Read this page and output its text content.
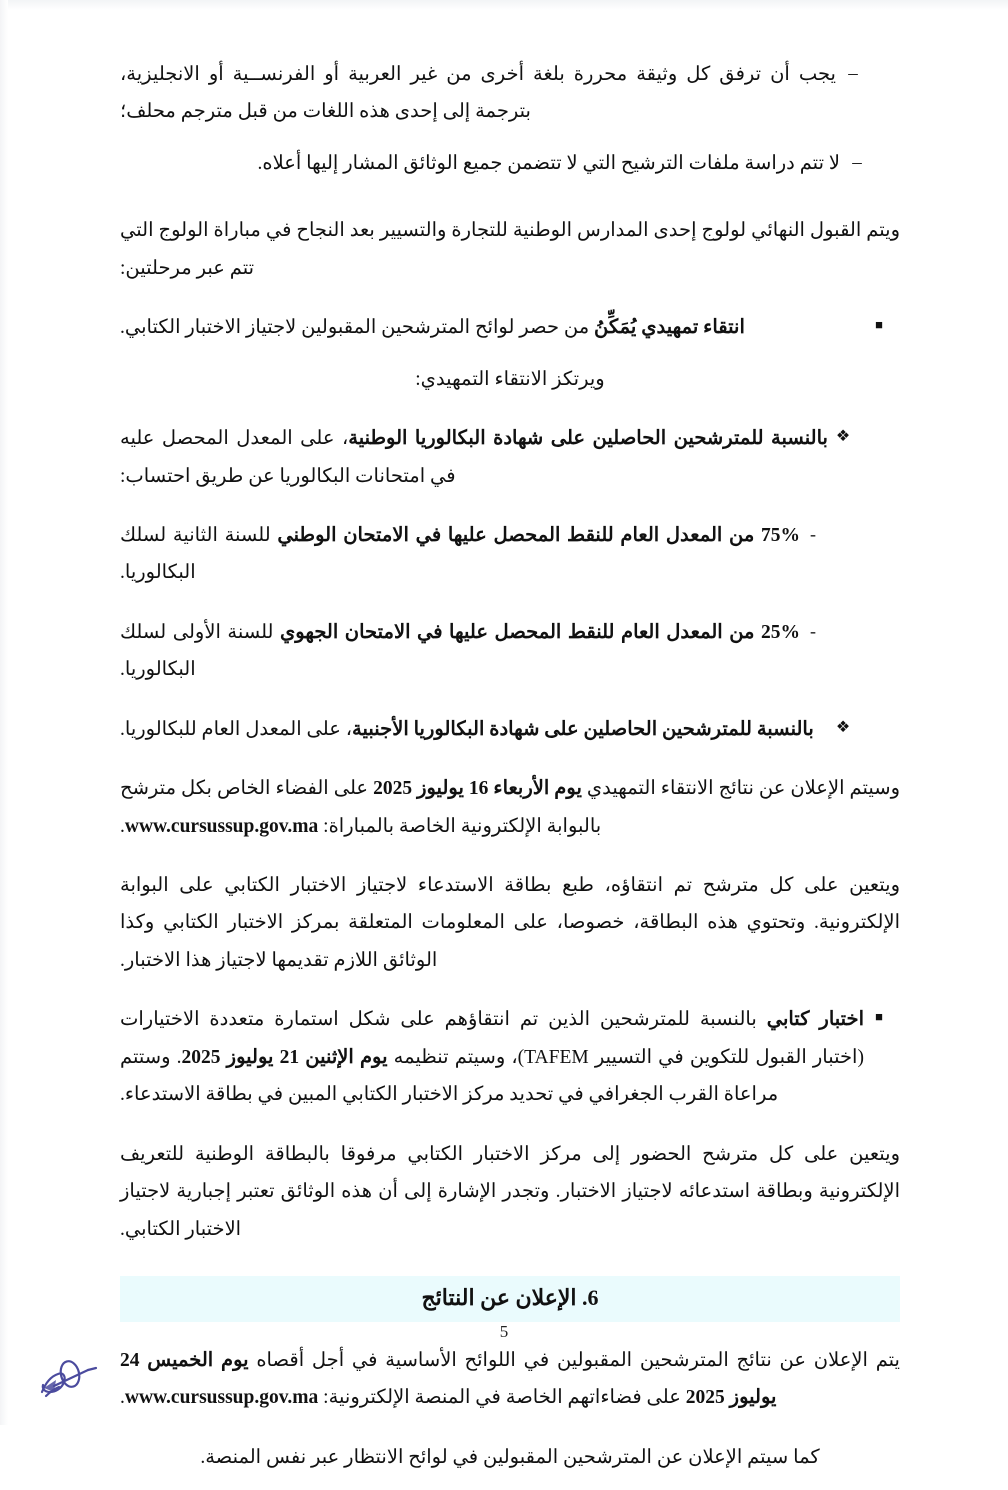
–
يجب أن ترفق كل وثيقة محررة بلغة أخرى من غير العربية أو الفرنســية أو الانجليزية، بترجمة إلى إحدى هذه اللغات من قبل مترجم محلف؛
–
لا تتم دراسة ملفات الترشيح التي لا تتضمن جميع الوثائق المشار إليها أعلاه.

ويتم القبول النهائي لولوج إحدى المدارس الوطنية للتجارة والتسيير بعد النجاح في مباراة الولوج التي تتم عبر مرحلتين:

■
انتقاء تمهيدي يُمَكِّنُ من حصر لوائح المترشحين المقبولين لاجتياز الاختبار الكتابي.

ويرتكز الانتقاء التمهيدي:

❖
بالنسبة للمترشحين الحاصلين على شهادة البكالوريا الوطنية، على المعدل المحصل عليه في امتحانات البكالوريا عن طريق احتساب:
-
75% من المعدل العام للنقط المحصل عليها في الامتحان الوطني للسنة الثانية لسلك البكالوريا.
-
25% من المعدل العام للنقط المحصل عليها في الامتحان الجهوي للسنة الأولى لسلك البكالوريا.
❖
بالنسبة للمترشحين الحاصلين على شهادة البكالوريا الأجنبية، على المعدل العام للبكالوريا.

وسيتم الإعلان عن نتائج الانتقاء التمهيدي يوم الأربعاء 16 يوليوز 2025 على الفضاء الخاص بكل مترشح بالبوابة الإلكترونية الخاصة بالمباراة: www.cursussup.gov.ma.

ويتعين على كل مترشح تم انتقاؤه، طبع بطاقة الاستدعاء لاجتياز الاختبار الكتابي على البوابة الإلكترونية. وتحتوي هذه البطاقة، خصوصا، على المعلومات المتعلقة بمركز الاختبار الكتابي وكذا الوثائق اللازم تقديمها لاجتياز هذا الاختبار.

■
اختبار كتابي بالنسبة للمترشحين الذين تم انتقاؤهم على شكل استمارة متعددة الاختيارات (اختبار القبول للتكوين في التسيير TAFEM)، وسيتم تنظيمه يوم الإثنين 21 يوليوز 2025. وستتم مراعاة القرب الجغرافي في تحديد مركز الاختبار الكتابي المبين في بطاقة الاستدعاء.

ويتعين على كل مترشح الحضور إلى مركز الاختبار الكتابي مرفوقا بالبطاقة الوطنية للتعريف الإلكترونية وبطاقة استدعائه لاجتياز الاختبار. وتجدر الإشارة إلى أن هذه الوثائق تعتبر إجبارية لاجتياز الاختبار الكتابي.

6. الإعلان عن النتائج

يتم الإعلان عن نتائج المترشحين المقبولين في اللوائح الأساسية في أجل أقصاه يوم الخميس 24 يوليوز 2025 على فضاءاتهم الخاصة في المنصة الإلكترونية: www.cursussup.gov.ma.

كما سيتم الإعلان عن المترشحين المقبولين في لوائح الانتظار عبر نفس المنصة.

5
